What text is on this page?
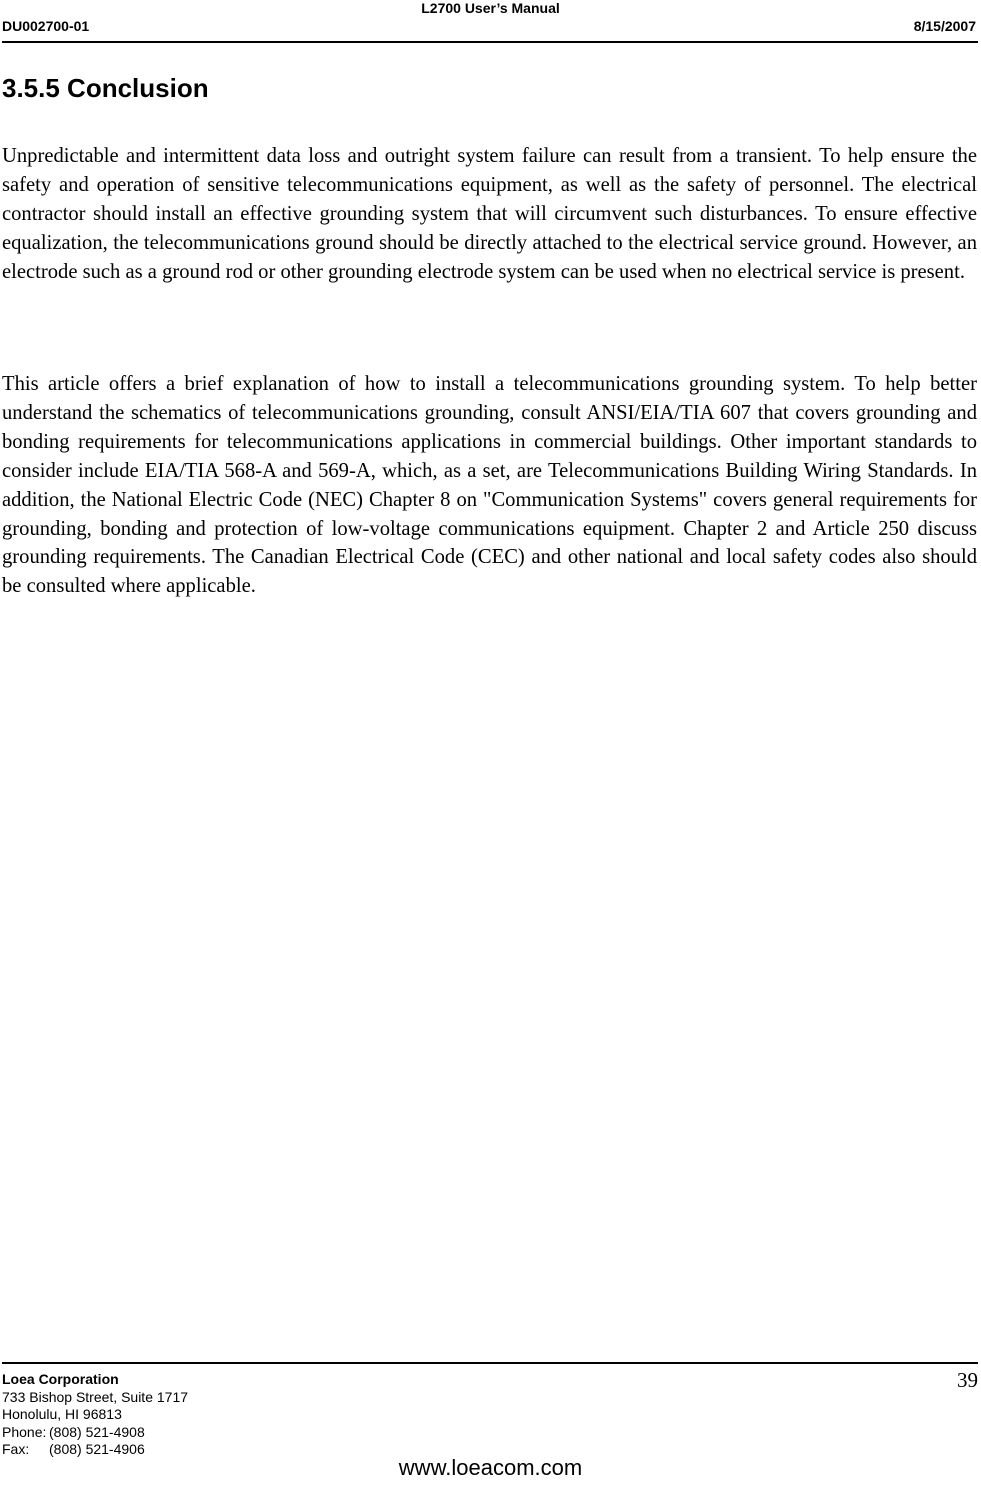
L2700 User’s Manual
DU002700-01	8/15/2007
3.5.5 Conclusion

Unpredictable and intermittent data loss and outright system failure can result from a transient. To help ensure the safety and operation of sensitive telecommunications equipment, as well as the safety of personnel. The electrical contractor should install an effective grounding system that will circumvent such disturbances. To ensure effective equalization, the telecommunications ground should be directly attached to the electrical service ground. However, an electrode such as a ground rod or other grounding electrode system can be used when no electrical service is present.

This article offers a brief explanation of how to install a telecommunications grounding system. To help better understand the schematics of telecommunications grounding, consult ANSI/EIA/TIA 607 that covers grounding and bonding requirements for telecommunications applications in commercial buildings. Other important standards to consider include EIA/TIA 568-A and 569-A, which, as a set, are Telecommunications Building Wiring Standards. In addition, the National Electric Code (NEC) Chapter 8 on "Communication Systems" covers general requirements for grounding, bonding and protection of low-voltage communications equipment. Chapter 2 and Article 250 discuss grounding requirements. The Canadian Electrical Code (CEC) and other national and local safety codes also should be consulted where applicable.

Loea Corporation
733 Bishop Street, Suite 1717
Honolulu, HI 96813
Phone: (808) 521-4908
Fax: (808) 521-4906
39
www.loeacom.com
